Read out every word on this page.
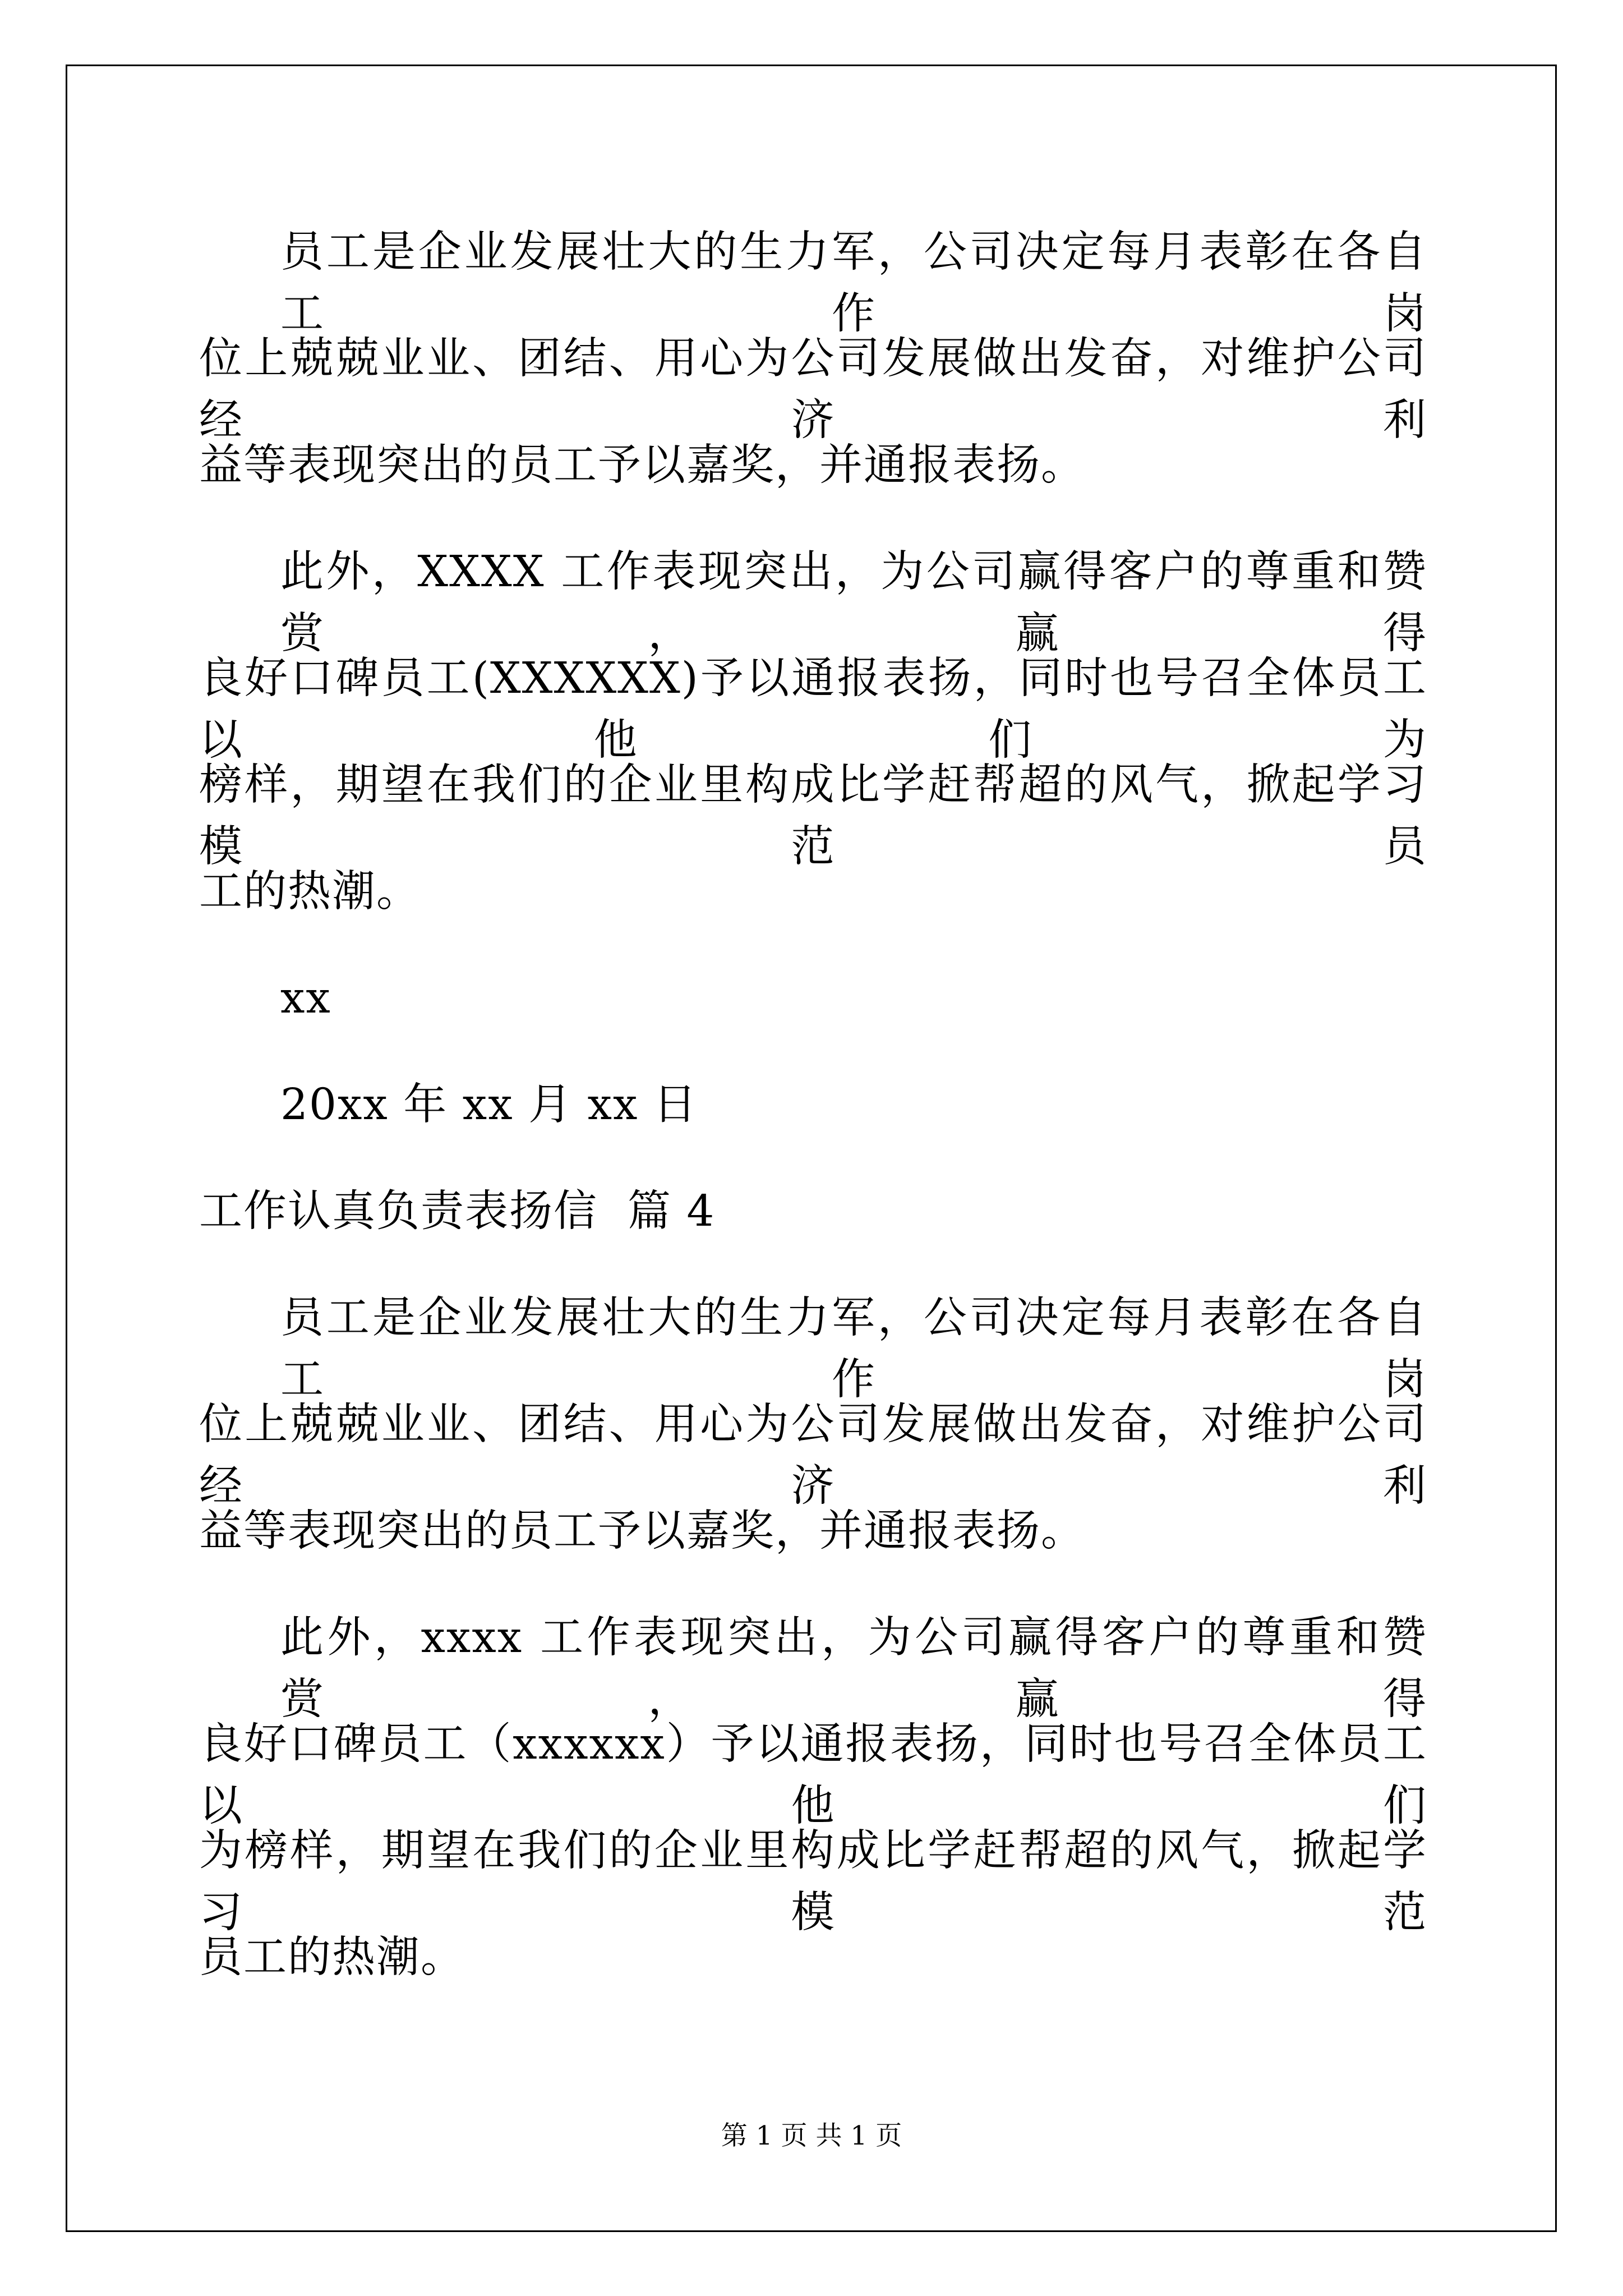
员工是企业发展壮大的生力军，公司决定每月表彰在各自工作岗
位上兢兢业业、团结、用心为公司发展做出发奋，对维护公司经济利
益等表现突出的员工予以嘉奖，并通报表扬。
此外，XXXX 工作表现突出，为公司赢得客户的尊重和赞赏，赢得
良好口碑员工(XXXXXX)予以通报表扬，同时也号召全体员工以他们为
榜样，期望在我们的企业里构成比学赶帮超的风气，掀起学习模范员
工的热潮。
xx
20xx 年 xx 月 xx 日
工作认真负责表扬信  篇 4
员工是企业发展壮大的生力军，公司决定每月表彰在各自工作岗
位上兢兢业业、团结、用心为公司发展做出发奋，对维护公司经济利
益等表现突出的员工予以嘉奖，并通报表扬。
此外，xxxx 工作表现突出，为公司赢得客户的尊重和赞赏，赢得
良好口碑员工（xxxxxx）予以通报表扬，同时也号召全体员工以他们
为榜样，期望在我们的企业里构成比学赶帮超的风气，掀起学习模范
员工的热潮。
第 1 页 共 1 页
